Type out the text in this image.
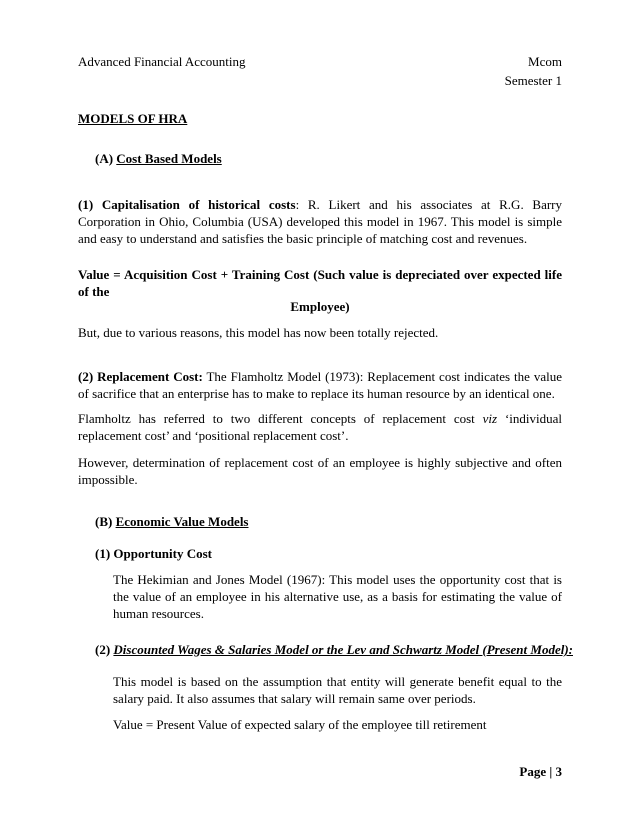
Advanced Financial Accounting	Mcom
Semester 1
MODELS OF HRA
(A) Cost Based Models
(1) Capitalisation of historical costs: R. Likert and his associates at R.G. Barry Corporation in Ohio, Columbia (USA) developed this model in 1967. This model is simple and easy to understand and satisfies the basic principle of matching cost and revenues.
Value = Acquisition Cost + Training Cost (Such value is depreciated over expected life of the
Employee)
But, due to various reasons, this model has now been totally rejected.
(2) Replacement Cost: The Flamholtz Model (1973): Replacement cost indicates the value of sacrifice that an enterprise has to make to replace its human resource by an identical one.
Flamholtz has referred to two different concepts of replacement cost viz ‘individual replacement cost’ and ‘positional replacement cost’.
However, determination of replacement cost of an employee is highly subjective and often impossible.
(B) Economic Value Models
(1) Opportunity Cost
The Hekimian and Jones Model (1967): This model uses the opportunity cost that is the value of an employee in his alternative use, as a basis for estimating the value of human resources.
(2) Discounted Wages & Salaries Model or the Lev and Schwartz Model (Present Model):
This model is based on the assumption that entity will generate benefit equal to the salary paid. It also assumes that salary will remain same over periods.
Value = Present Value of expected salary of the employee till retirement
Page | 3
